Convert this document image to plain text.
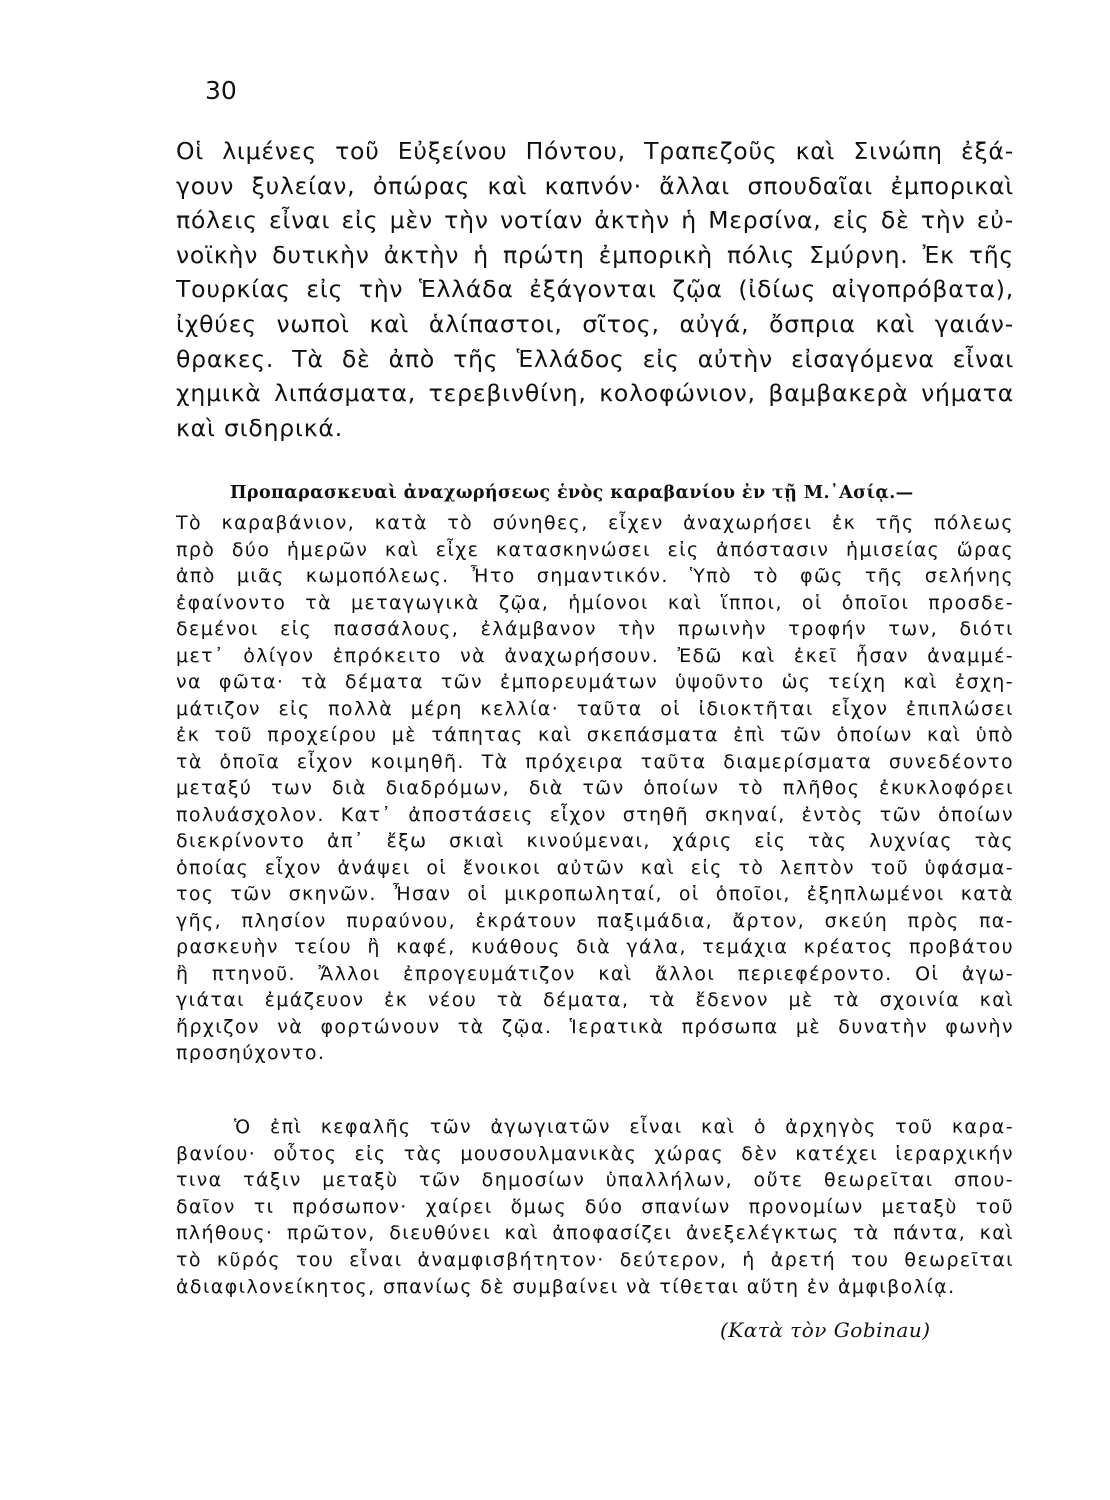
30
Οἱ λιμένες τοῦ Εὐξείνου Πόντου, Τραπεζοῦς καὶ Σινώπη ἐξά-
γουν ξυλείαν, ὀπώρας καὶ καπνόν· ἄλλαι σπουδαῖαι ἐμπορικαὶ
πόλεις εἶναι εἰς μὲν τὴν νοτίαν ἀκτὴν ἡ Μερσίνα, εἰς δὲ τὴν εὐ-
νοϊκὴν δυτικὴν ἀκτὴν ἡ πρώτη ἐμπορικὴ πόλις Σμύρνη. Ἐκ τῆς
Τουρκίας εἰς τὴν Ἑλλάδα ἐξάγονται ζῷα (ἰδίως αἰγοπρόβατα),
ἰχθύες νωποὶ καὶ ἁλίπαστοι, σῖτος, αὐγά, ὄσπρια καὶ γαιάν-
θρακες. Τὰ δὲ ἀπὸ τῆς Ἑλλάδος εἰς αὐτὴν εἰσαγόμενα εἶναι
χημικὰ λιπάσματα, τερεβινθίνη, κολοφώνιον, βαμβακερὰ νήματα
καὶ σιδηρικά.
Προπαρασκευαὶ ἀναχωρήσεως ἑνὸς καραβανίου ἐν τῇ Μ.᾿Ασίᾳ.—
Τὸ καραβάνιον, κατὰ τὸ σύνηθες, εἶχεν ἀναχωρήσει ἐκ τῆς πόλεως
πρὸ δύο ἡμερῶν καὶ εἶχε κατασκηνώσει εἰς ἀπόστασιν ἡμισείας ὥρας
ἀπὸ μιᾶς κωμοπόλεως. Ἦτο σημαντικόν. Ὑπὸ τὸ φῶς τῆς σελήνης
ἐφαίνοντο τὰ μεταγωγικὰ ζῷα, ἡμίονοι καὶ ἵπποι, οἱ ὁποῖοι προσδε-
δεμένοι εἰς πασσάλους, ἐλάμβανον τὴν πρωινὴν τροφήν των, διότι
μετ᾿ ὀλίγον ἐπρόκειτο νὰ ἀναχωρήσουν. Ἐδῶ καὶ ἐκεῖ ἦσαν ἀναμμέ-
να φῶτα· τὰ δέματα τῶν ἐμπορευμάτων ὑψοῦντο ὡς τείχη καὶ ἐσχη-
μάτιζον εἰς πολλὰ μέρη κελλία· ταῦτα οἱ ἰδιοκτῆται εἶχον ἐπιπλώσει
ἐκ τοῦ προχείρου μὲ τάπητας καὶ σκεπάσματα ἐπὶ τῶν ὁποίων καὶ ὑπὸ
τὰ ὁποῖα εἶχον κοιμηθῆ. Τὰ πρόχειρα ταῦτα διαμερίσματα συνεδέοντο
μεταξύ των διὰ διαδρόμων, διὰ τῶν ὁποίων τὸ πλῆθος ἐκυκλοφόρει
πολυάσχολον. Κατ᾿ ἀποστάσεις εἶχον στηθῆ σκηναί, ἐντὸς τῶν ὁποίων
διεκρίνοντο ἀπ᾿ ἔξω σκιαὶ κινούμεναι, χάρις εἰς τὰς λυχνίας τὰς
ὁποίας εἶχον ἀνάψει οἱ ἔνοικοι αὐτῶν καὶ εἰς τὸ λεπτὸν τοῦ ὑφάσμα-
τος τῶν σκηνῶν. Ἦσαν οἱ μικροπωληταί, οἱ ὁποῖοι, ἐξηπλωμένοι κατὰ
γῆς, πλησίον πυραύνου, ἐκράτουν παξιμάδια, ἄρτον, σκεύη πρὸς πα-
ρασκευὴν τείου ἢ καφέ, κυάθους διὰ γάλα, τεμάχια κρέατος προβάτου
ἢ πτηνοῦ. Ἄλλοι ἐπρογευμάτιζον καὶ ἄλλοι περιεφέροντο. Οἱ ἀγω-
γιάται ἐμάζευον ἐκ νέου τὰ δέματα, τὰ ἔδενον μὲ τὰ σχοινία καὶ
ἤρχιζον νὰ φορτώνουν τὰ ζῷα. Ἱερατικὰ πρόσωπα μὲ δυνατὴν φωνὴν
προσηύχοντο.
Ὁ ἐπὶ κεφαλῆς τῶν ἀγωγιατῶν εἶναι καὶ ὁ ἀρχηγὸς τοῦ καρα-
βανίου· οὗτος εἰς τὰς μουσουλμανικὰς χώρας δὲν κατέχει ἱεραρχικήν
τινα τάξιν μεταξὺ τῶν δημοσίων ὑπαλλήλων, οὔτε θεωρεῖται σπου-
δαῖον τι πρόσωπον· χαίρει ὅμως δύο σπανίων προνομίων μεταξὺ τοῦ
πλήθους· πρῶτον, διευθύνει καὶ ἀποφασίζει ἀνεξελέγκτως τὰ πάντα, καὶ
τὸ κῦρός του εἶναι ἀναμφισβήτητον· δεύτερον, ἡ ἀρετή του θεωρεῖται
ἀδιαφιλονείκητος, σπανίως δὲ συμβαίνει νὰ τίθεται αὕτη ἐν ἀμφιβολίᾳ.
(Κατὰ τὸν Gobinau)
